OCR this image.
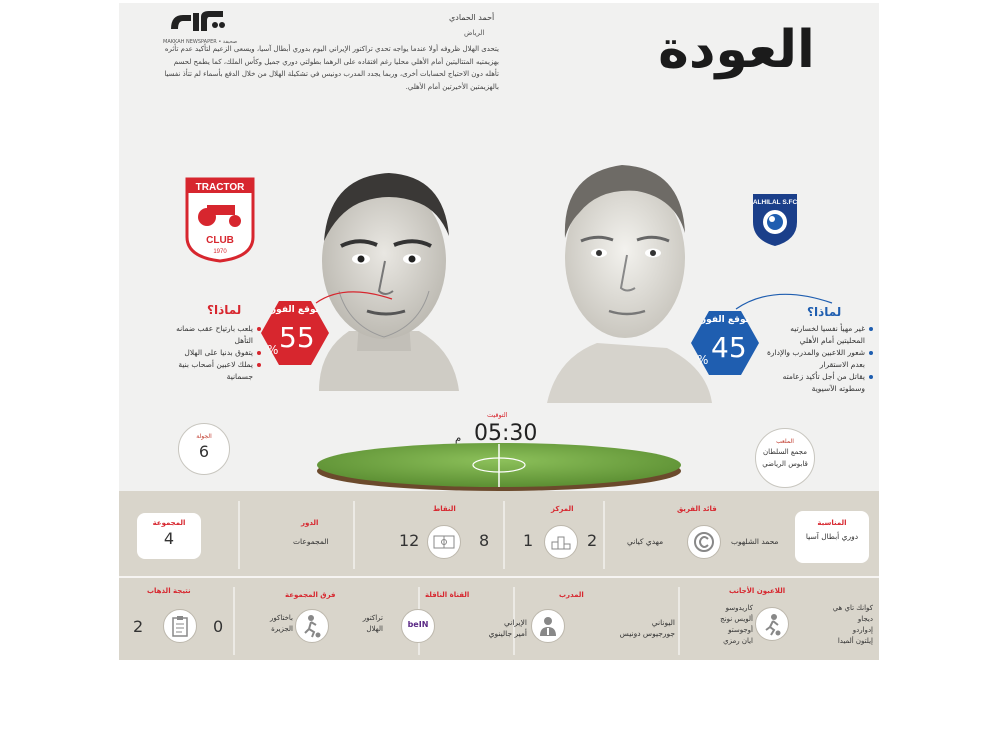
MAKKAH NEWSPAPER • صحيفة
أحمد الحمادي
الرياض
يتحدى الهلال ظروفه أولا عندما يواجه تحدي تراكتور الإيراني اليوم بدوري أبطال آسيا، ويسعى الزعيم لتأكيد عدم تأثره بهزيمتيه المتتاليتين أمام الأهلي محليا رغم افتقاده على الرهما بطولتي دوري جميل وكأس الملك، كما يطمح لحسم تأهله دون الاحتياج لحسابات أخرى، وربما يجدد المدرب دونيس في تشكيلة الهلال من خلال الدفع بأسماء لم تتأذ نفسيا بالهزيمتين الأخيرتين أمام الأهلي.
العودة
TRACTOR
CLUB
1970
ALHILAL S.FC
توقع الفوز
55
%
لماذا؟
يلعب بارتياح عقب ضمانه التأهل
يتفوق بدنيا على الهلال
يملك لاعبين أصحاب بنية جسمانية
توقع الفوز
45
%
لماذا؟
غير مهيأ نفسيا لخسارتيه المحليتين أمام الأهلي
شعور اللاعبين والمدرب والإدارة بعدم الاستقرار
يقاتل من أجل تأكيد زعامته وسطوته الآسيوية
الجولة
6
الملعب
مجمع السلطان
قابوس الرياضي
التوقيت
05:30
م
المناسبة
دوري أبطال آسيا
قائد الفريق
محمد الشلهوب
مهدي كياني
المركز
2
1
النقاط
8
12
الدور
المجموعات
المجموعة
4
اللاعبون الأجانب
كوانك تاي هي
ديجاو
إدواردو
إيلتون ألميدا
كاريدوسو
ألويس نونج
أوجوستو
ايان رمزي
المدرب
اليوناني
جورجيوس دونيس
الإيراني
أمير جالينوي
القناة الناقلة
beIN
فرق المجموعة
تراكتور
الهلال
باختاكور
الجزيرة
نتيجة الذهاب
0
2
